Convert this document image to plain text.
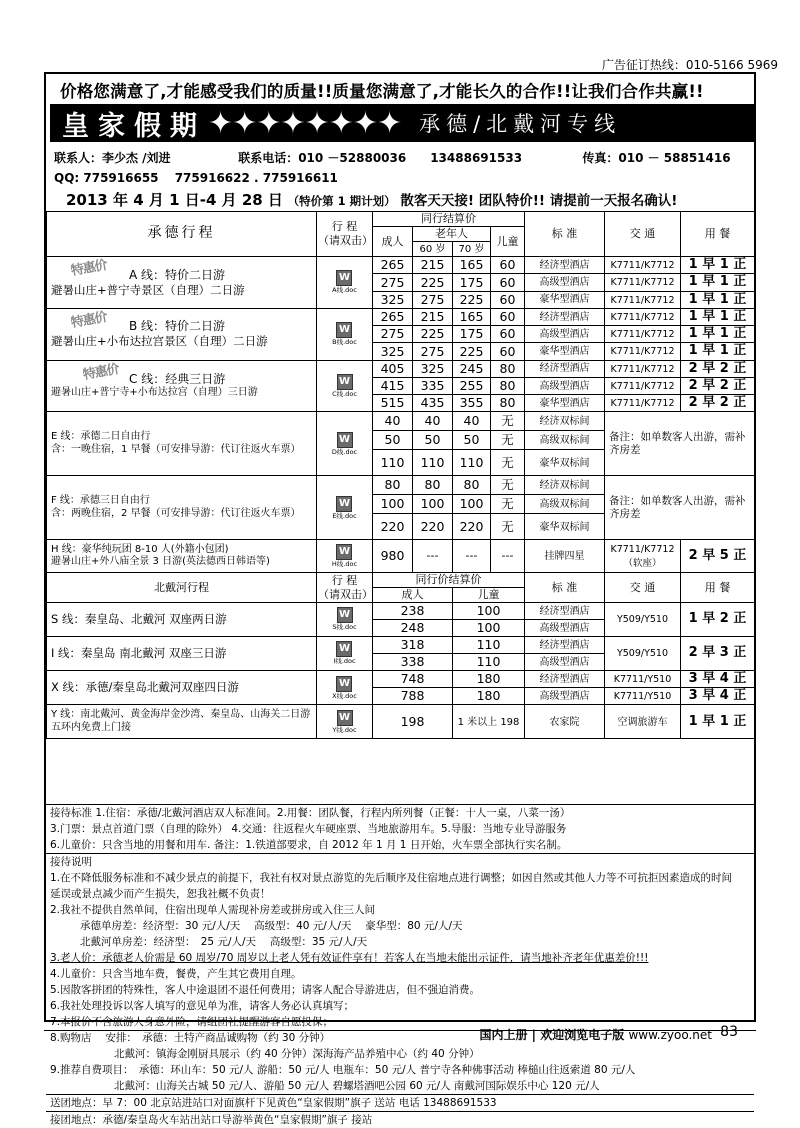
广告征订热线：010-5166 5969
价格您满意了,才能感受我们的质量!!质量您满意了,才能长久的合作!!让我们合作共赢!!
皇家假期 ✦✦✦✦✦✦✦✦ 承德/北戴河专线
联系人：李少杰 /刘进	联系电话：010 －52880036　　13488691533	传真：010 － 58851416
QQ: 775916655　 775916622 . 775916611
2013 年 4 月 1 日-4 月 28 日 （特价第 1 期计划） 散客天天接! 团队特价!! 请提前一天报名确认!
承德行程	行 程
（请双击）	同行结算价				标 准	交 通	用 餐
		成人	老年人		儿童			
			60 岁	70 岁				

特惠价 A 线：特价二日游
避暑山庄+普宁寺景区（自理）二日游	W
A线.doc	265	215	165	60	经济型酒店	K7711/K7712	1 早 1 正
		275	225	175	60	高级型酒店	K7711/K7712	1 早 1 正
		325	275	225	60	豪华型酒店	K7711/K7712	1 早 1 正

特惠价 B 线：特价二日游
避暑山庄+小布达拉宫景区（自理）二日游	W
B线.doc	265	215	165	60	经济型酒店	K7711/K7712	1 早 1 正
		275	225	175	60	高级型酒店	K7711/K7712	1 早 1 正
		325	275	225	60	豪华型酒店	K7711/K7712	1 早 1 正

特惠价 C 线：经典三日游
避暑山庄+普宁寺+小布达拉宫（自理）三日游	W
C线.doc	405	325	245	80	经济型酒店	K7711/K7712	2 早 2 正
		415	335	255	80	高级型酒店	K7711/K7712	2 早 2 正
		515	435	355	80	豪华型酒店	K7711/K7712	2 早 2 正

E 线：承德二日自由行
含：一晚住宿，1 早餐（可安排导游：代订往返火车票）	W
D线.doc	40	40	40	无	经济双标间	备注：如单数客人出游，需补齐房差	
		50	50	50	无	高级双标间		
		110	110	110	无	豪华双标间		

F 线：承德三日自由行
含：两晚住宿，2 早餐（可安排导游：代订往返火车票）	W
E线.doc	80	80	80	无	经济双标间	备注：如单数客人出游，需补齐房差	
		100	100	100	无	高级双标间		
		220	220	220	无	豪华双标间		

H 线：豪华纯玩团 8-10 人(外籍小包团)
避暑山庄+外八庙全景 3 日游(英法德西日韩语等)	W
H线.doc	980	---	---	---	挂牌四星	K7711/K7712（软座）	2 早 5 正
北戴河行程	行 程
（请双击）	同行价结算价				标 准	交 通	用 餐
		成人		儿童				

S 线：秦皇岛、北戴河 双座两日游	W
S线.doc	238		100		经济型酒店	Y509/Y510	1 早 2 正
		248		100		高级型酒店		

I 线：秦皇岛 南北戴河 双座三日游	W
I线.doc	318		110		经济型酒店	Y509/Y510	2 早 3 正
		338		110		高级型酒店		

X 线：承德/秦皇岛北戴河双座四日游	W
X线.doc	748		180		经济型酒店	K7711/Y510	3 早 4 正
		788		180		高级型酒店	K7711/Y510	3 早 4 正

Y 线：南北戴河、黄金海岸金沙湾、秦皇岛、山海关二日游
五环内免费上门接	W
Y线.doc	198		1 米以上 198		农家院	空调旅游车	1 早 1 正
接待标准 1.住宿：承德/北戴河酒店双人标准间。2.用餐：团队餐，行程内所列餐（正餐：十人一桌，八菜一汤）
3.门票：景点首道门票（自理的除外） 4.交通：往返程火车硬座票、当地旅游用车。5.导服：当地专业导游服务
6.儿童价：只含当地的用餐和用车. 备注：1.铁道部要求，自 2012 年 1 月 1 日开始，火车票全部执行实名制。
接待说明
1.在不降低服务标准和不减少景点的前提下，我社有权对景点游览的先后顺序及住宿地点进行调整；如因自然或其他人力等不可抗拒因素造成的时间
延误或景点减少而产生损失，恕我社概不负责！
2.我社不提供自然单间，住宿出现单人需现补房差或拼房或入住三人间
承德单房差：经济型：30 元/人/天　 高级型：40 元/人/天　 豪华型：80 元/人/天
北戴河单房差：经济型：　25 元/人/天　 高级型：35 元/人/天
3.老人价：承德老人价需是 60 周岁/70 周岁以上老人凭有效证件享有！若客人在当地未能出示证件，请当地补齐老年优惠差价!!!
4.儿童价：只含当地车费，餐费，产生其它费用自理。
5.因散客拼团的特殊性，客人中途退团不退任何费用；请客人配合导游进店，但不强迫消费。
6.我社处理投诉以客人填写的意见单为准，请客人务必认真填写；
7.本报价不含旅游人身意外险，请组团社提醒游客自愿投保；
8.购物店　 安排：　承德：土特产商品诚购物（约 30 分钟）
北戴河：镇海金刚厨具展示（约 40 分钟）深海海产品养殖中心（约 40 分钟）
9.推荐自费项目：　承德：环山车：50 元/人 游船：50 元/人 电瓶车：50 元/人 普宁寺各种佛事活动 棒槌山往返索道 80 元/人
北戴河：山海关古城 50 元/人、游船 50 元/人 碧螺塔酒吧公园 60 元/人 南戴河国际娱乐中心 120 元/人
送团地点：早 7：00 北京站进站口对面旗杆下见黄色“皇家假期”旗子 送站 电话 13488691533
接团地点：承德/秦皇岛火车站出站口导游举黄色“皇家假期”旗子 接站
国内上册 | 欢迎浏览电子版 www.zyoo.net 83
